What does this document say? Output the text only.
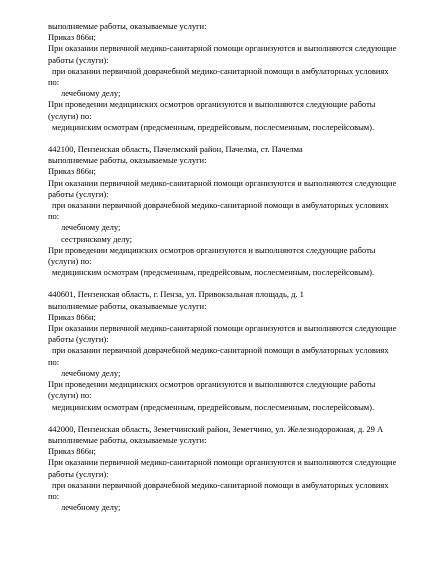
выполняемые работы, оказываемые услуги:
Приказ 866н;
При оказании первичной медико-санитарной помощи организуются и выполняются следующие
работы (услуги):
при оказании первичной доврачебной медико-санитарной помощи в амбулаторных условиях
по:
лечебному делу;
При проведении медицинских осмотров организуются и выполняются следующие работы
(услуги) по:
медицинским осмотрам (предсменным, предрейсовым, послесменным, послерейсовым).
442100, Пензенская область, Пачелмский район, Пачелма, ст. Пачелма
выполняемые работы, оказываемые услуги:
Приказ 866н;
При оказании первичной медико-санитарной помощи организуются и выполняются следующие
работы (услуги):
при оказании первичной доврачебной медико-санитарной помощи в амбулаторных условиях
по:
лечебному делу;
сестринскому делу;
При проведении медицинских осмотров организуются и выполняются следующие работы
(услуги) по:
медицинским осмотрам (предсменным, предрейсовым, послесменным, послерейсовым).
440601, Пензенская область, г. Пенза, ул. Привокзальная площадь, д. 1
выполняемые работы, оказываемые услуги:
Приказ 866н;
При оказании первичной медико-санитарной помощи организуются и выполняются следующие
работы (услуги):
при оказании первичной доврачебной медико-санитарной помощи в амбулаторных условиях
по:
лечебному делу;
При проведении медицинских осмотров организуются и выполняются следующие работы
(услуги) по:
медицинским осмотрам (предсменным, предрейсовым, послесменным, послерейсовым).
442000, Пензенская область, Земетчинский район, Земетчино, ул. Железнодорожная, д. 29 А
выполняемые работы, оказываемые услуги:
Приказ 866н;
При оказании первичной медико-санитарной помощи организуются и выполняются следующие
работы (услуги):
при оказании первичной доврачебной медико-санитарной помощи в амбулаторных условиях
по:
лечебному делу;
